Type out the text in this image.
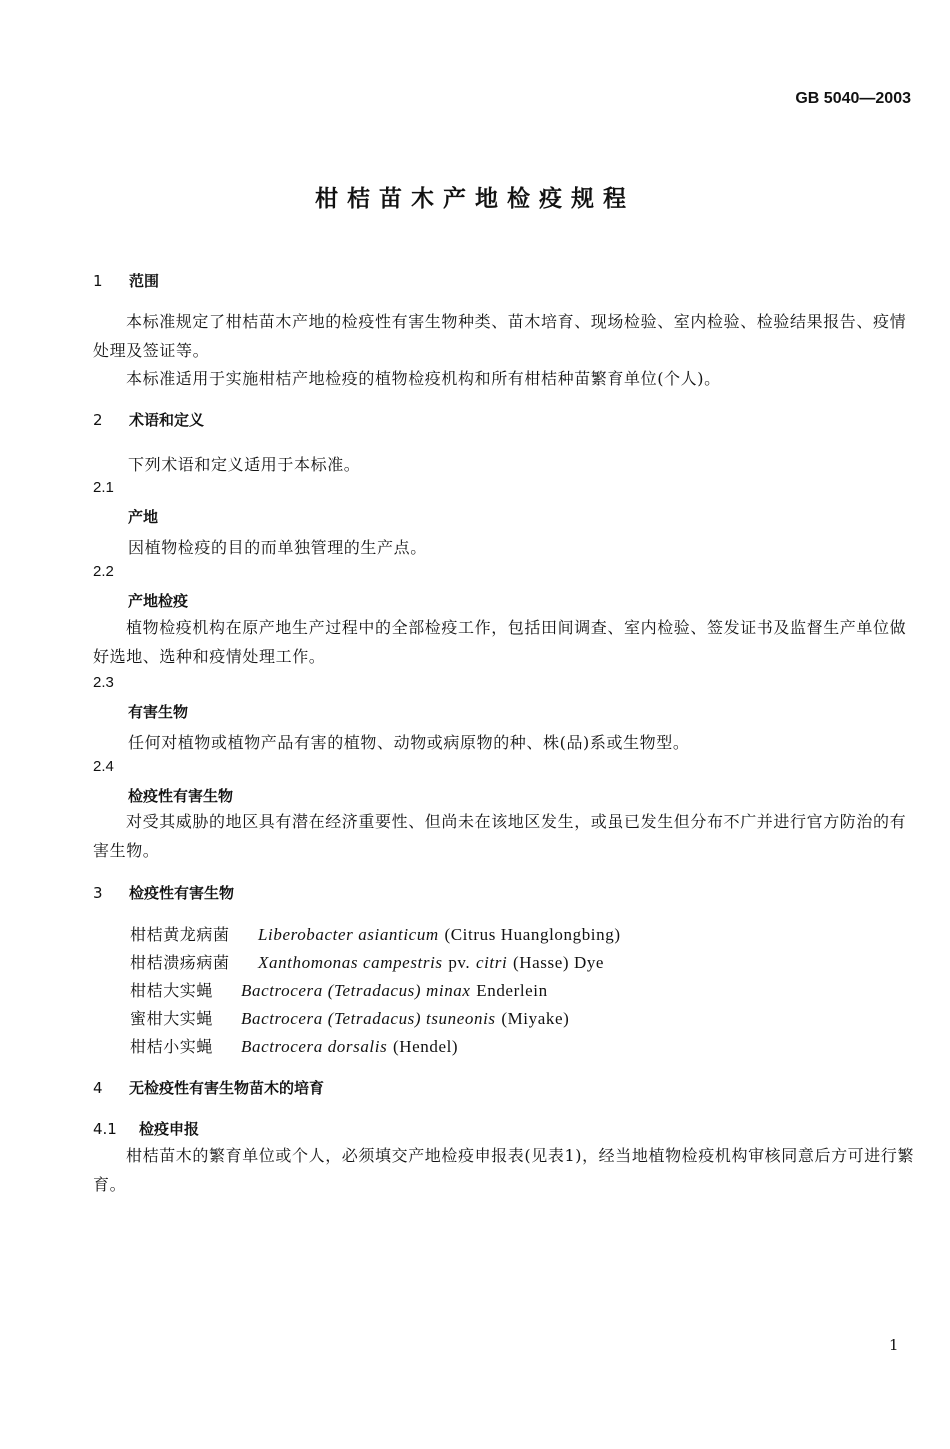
GB 5040—2003
柑桔苗木产地检疫规程
1 范围
本标准规定了柑桔苗木产地的检疫性有害生物种类、苗木培育、现场检验、室内检验、检验结果报告、疫情处理及签证等。
本标准适用于实施柑桔产地检疫的植物检疫机构和所有柑桔种苗繁育单位(个人)。
2 术语和定义
下列术语和定义适用于本标准。
2.1
产地
因植物检疫的目的而单独管理的生产点。
2.2
产地检疫
植物检疫机构在原产地生产过程中的全部检疫工作，包括田间调查、室内检验、签发证书及监督生产单位做好选地、选种和疫情处理工作。
2.3
有害生物
任何对植物或植物产品有害的植物、动物或病原物的种、株(品)系或生物型。
2.4
检疫性有害生物
对受其威胁的地区具有潜在经济重要性、但尚未在该地区发生，或虽已发生但分布不广并进行官方防治的有害生物。
3 检疫性有害生物
柑桔黄龙病菌 Liberobacter asianticum (Citrus Huanglongbing)
柑桔溃疡病菌 Xanthomonas campestris pv. citri (Hasse) Dye
柑桔大实蝇 Bactrocera (Tetradacus) minax Enderlein
蜜柑大实蝇 Bactrocera (Tetradacus) tsuneonis (Miyake)
柑桔小实蝇 Bactrocera dorsalis (Hendel)
4 无检疫性有害生物苗木的培育
4.1 检疫申报
柑桔苗木的繁育单位或个人，必须填交产地检疫申报表(见表1)，经当地植物检疫机构审核同意后方可进行繁育。
1
